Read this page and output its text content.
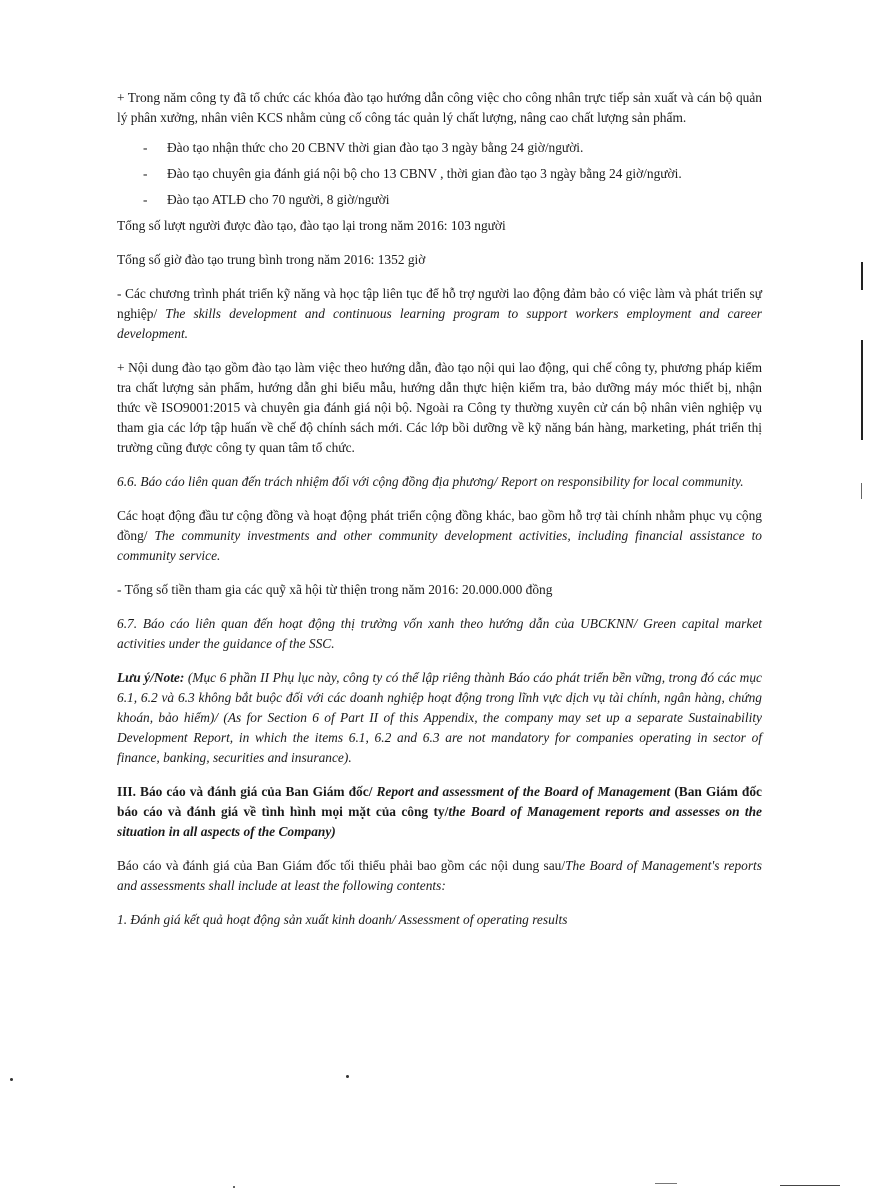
+ Trong năm công ty đã tổ chức các khóa đào tạo hướng dẫn công việc cho công nhân trực tiếp sản xuất và cán bộ quản lý phân xưởng, nhân viên KCS nhằm củng cố công tác quản lý chất lượng, nâng cao chất lượng sản phẩm.

- Đào tạo nhận thức cho 20 CBNV thời gian đào tạo 3 ngày bằng 24 giờ/người.
- Đào tạo chuyên gia đánh giá nội bộ cho 13 CBNV , thời gian đào tạo 3 ngày bằng 24 giờ/người.
- Đào tạo ATLĐ cho 70 người, 8 giờ/người

Tổng số lượt người được đào tạo, đào tạo lại trong năm 2016: 103 người

Tổng số giờ đào tạo trung bình trong năm 2016: 1352 giờ

- Các chương trình phát triển kỹ năng và học tập liên tục để hỗ trợ người lao động đảm bảo có việc làm và phát triển sự nghiệp/ The skills development and continuous learning program to support workers employment and career development.

+ Nội dung đào tạo gồm đào tạo làm việc theo hướng dẫn, đào tạo nội qui lao động, qui chế công ty, phương pháp kiểm tra chất lượng sản phẩm, hướng dẫn ghi biểu mẫu, hướng dẫn thực hiện kiểm tra, bảo dưỡng máy móc thiết bị, nhận thức về ISO9001:2015 và chuyên gia đánh giá nội bộ. Ngoài ra Công ty thường xuyên cử cán bộ nhân viên nghiệp vụ tham gia các lớp tập huấn về chế độ chính sách mới. Các lớp bồi dưỡng về kỹ năng bán hàng, marketing, phát triển thị trường cũng được công ty quan tâm tổ chức.

6.6. Báo cáo liên quan đến trách nhiệm đối với cộng đồng địa phương/ Report on responsibility for local community.

Các hoạt động đầu tư cộng đồng và hoạt động phát triển cộng đồng khác, bao gồm hỗ trợ tài chính nhằm phục vụ cộng đồng/ The community investments and other community development activities, including financial assistance to community service.

- Tổng số tiền tham gia các quỹ xã hội từ thiện trong năm 2016: 20.000.000 đồng

6.7. Báo cáo liên quan đến hoạt động thị trường vốn xanh theo hướng dẫn của UBCKNN/ Green capital market activities under the guidance of the SSC.

Lưu ý/Note: (Mục 6 phần II Phụ lục này, công ty có thể lập riêng thành Báo cáo phát triển bền vững, trong đó các mục 6.1, 6.2 và 6.3 không bắt buộc đối với các doanh nghiệp hoạt động trong lĩnh vực dịch vụ tài chính, ngân hàng, chứng khoán, bảo hiểm)/ (As for Section 6 of Part II of this Appendix, the company may set up a separate Sustainability Development Report, in which the items 6.1, 6.2 and 6.3 are not mandatory for companies operating in sector of finance, banking, securities and insurance).

III. Báo cáo và đánh giá của Ban Giám đốc/ Report and assessment of the Board of Management (Ban Giám đốc báo cáo và đánh giá về tình hình mọi mặt của công ty/the Board of Management reports and assesses on the situation in all aspects of the Company)

Báo cáo và đánh giá của Ban Giám đốc tối thiểu phải bao gồm các nội dung sau/The Board of Management's reports and assessments shall include at least the following contents:

1. Đánh giá kết quả hoạt động sản xuất kinh doanh/ Assessment of operating results
